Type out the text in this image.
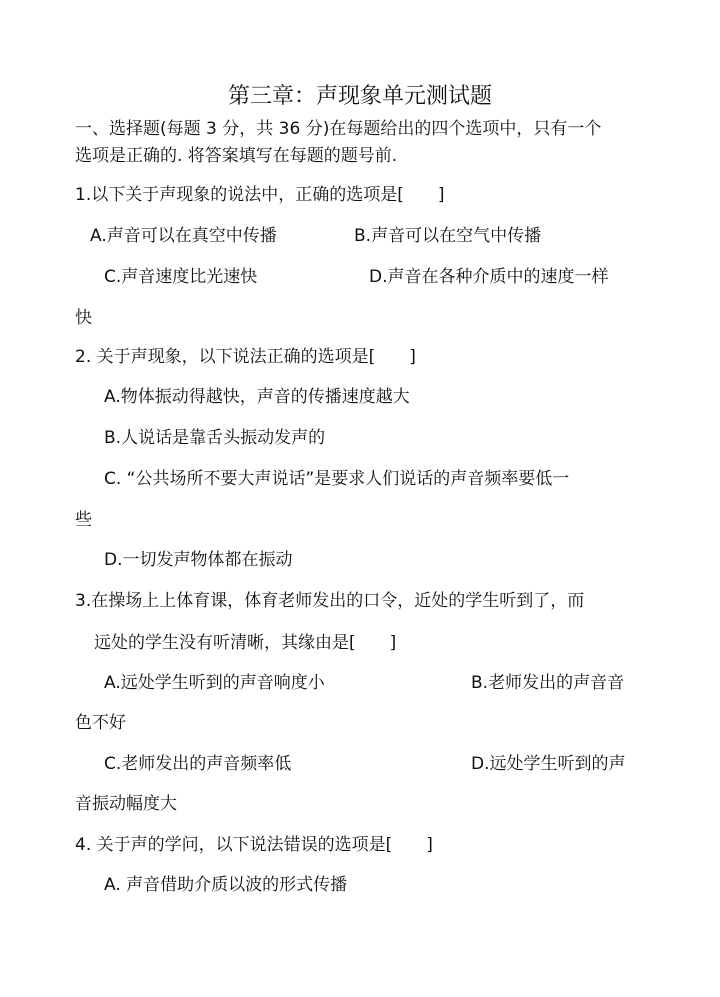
第三章：声现象单元测试题
一、选择题(每题 3 分，共 36 分)在每题给出的四个选项中，只有一个
选项是正确的. 将答案填写在每题的题号前.
1.以下关于声现象的说法中，正确的选项是[　　]
A.声音可以在真空中传播	B.声音可以在空气中传播
C.声音速度比光速快	D.声音在各种介质中的速度一样
快
2. 关于声现象，以下说法正确的选项是[　　]
A.物体振动得越快，声音的传播速度越大
B.人说话是靠舌头振动发声的
C. “公共场所不要大声说话”是要求人们说话的声音频率要低一
些
D.一切发声物体都在振动
3.在操场上上体育课，体育老师发出的口令，近处的学生听到了，而
远处的学生没有听清晰，其缘由是[　　]
A.远处学生听到的声音响度小	B.老师发出的声音音
色不好
C.老师发出的声音频率低	D.远处学生听到的声
音振动幅度大
4. 关于声的学问，以下说法错误的选项是[　　]
A. 声音借助介质以波的形式传播
